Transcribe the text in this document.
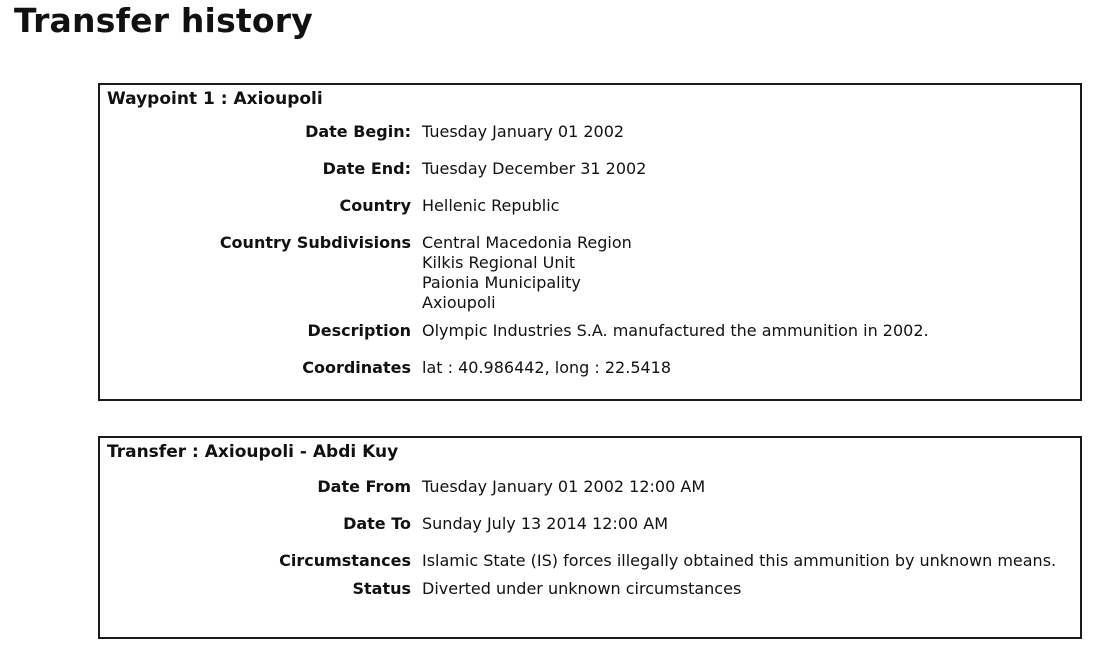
Transfer history
Waypoint 1 : Axioupoli
Date Begin: Tuesday January 01 2002
Date End: Tuesday December 31 2002
Country Hellenic Republic
Country Subdivisions Central Macedonia Region
Kilkis Regional Unit
Paionia Municipality
Axioupoli
Description Olympic Industries S.A. manufactured the ammunition in 2002.
Coordinates lat : 40.986442, long : 22.5418
Transfer : Axioupoli - Abdi Kuy
Date From Tuesday January 01 2002 12:00 AM
Date To Sunday July 13 2014 12:00 AM
Circumstances Islamic State (IS) forces illegally obtained this ammunition by unknown means.
Status Diverted under unknown circumstances
